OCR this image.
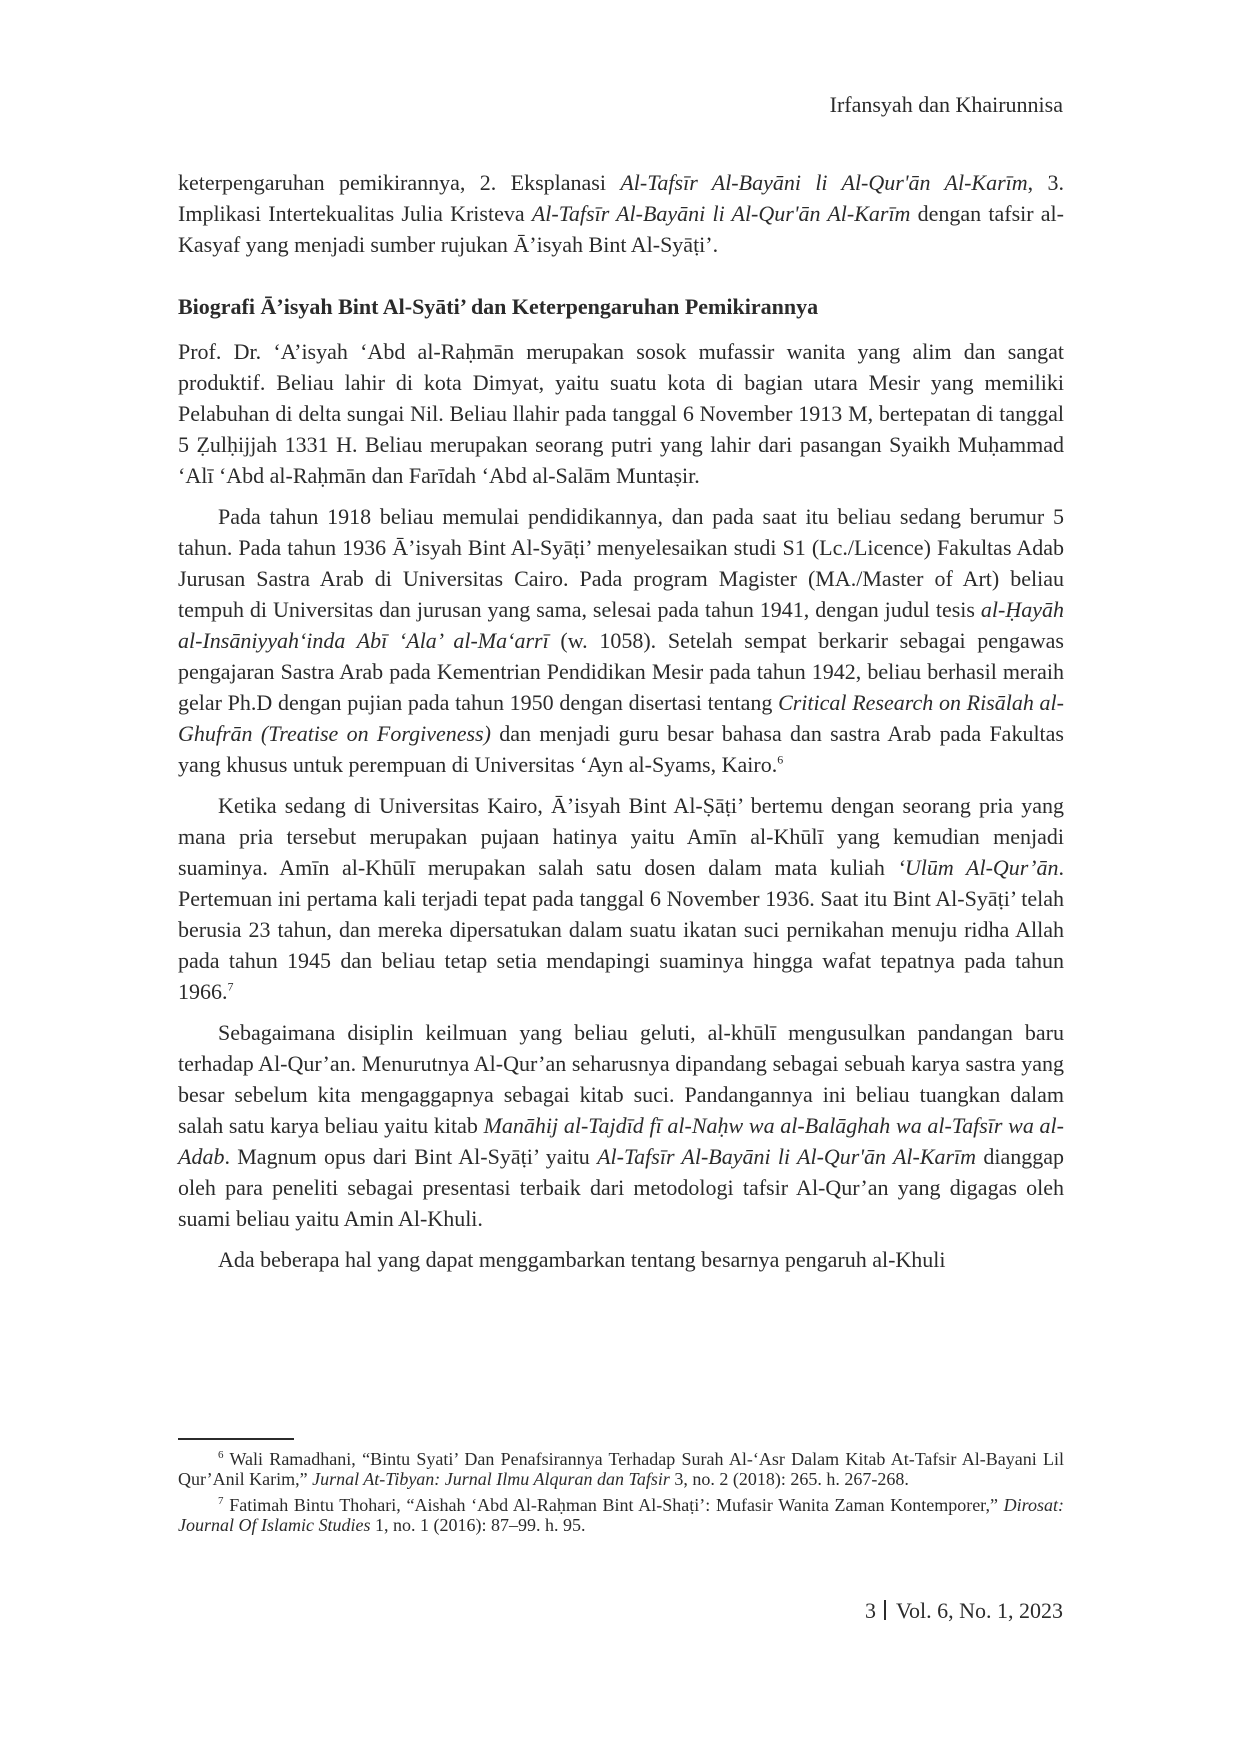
Irfansyah dan Khairunnisa

keterpengaruhan pemikirannya, 2. Eksplanasi Al-Tafsīr Al-Bayāni li Al-Qur'ān Al-Karīm, 3. Implikasi Intertekualitas Julia Kristeva Al-Tafsīr Al-Bayāni li Al-Qur'ān Al-Karīm dengan tafsir al-Kasyaf yang menjadi sumber rujukan Ā’isyah Bint Al-Syāṭi’.

Biografi Ā’isyah Bint Al-Syāti’ dan Keterpengaruhan Pemikirannya

Prof. Dr. ‘A’isyah ‘Abd al-Raḥmān merupakan sosok mufassir wanita yang alim dan sangat produktif. Beliau lahir di kota Dimyat, yaitu suatu kota di bagian utara Mesir yang memiliki Pelabuhan di delta sungai Nil. Beliau llahir pada tanggal 6 November 1913 M, bertepatan di tanggal 5 Ẓulḥijjah 1331 H. Beliau merupakan seorang putri yang lahir dari pasangan Syaikh Muḥammad ‘Alī ‘Abd al-Raḥmān dan Farīdah ‘Abd al-Salām Muntaṣir.

Pada tahun 1918 beliau memulai pendidikannya, dan pada saat itu beliau sedang berumur 5 tahun. Pada tahun 1936 Ā’isyah Bint Al-Syāṭi’ menyelesaikan studi S1 (Lc./Licence) Fakultas Adab Jurusan Sastra Arab di Universitas Cairo. Pada program Magister (MA./Master of Art) beliau tempuh di Universitas dan jurusan yang sama, selesai pada tahun 1941, dengan judul tesis al-Ḥayāh al-Insāniyyah‘inda Abī ‘Ala’ al-Ma‘arrī (w. 1058). Setelah sempat berkarir sebagai pengawas pengajaran Sastra Arab pada Kementrian Pendidikan Mesir pada tahun 1942, beliau berhasil meraih gelar Ph.D dengan pujian pada tahun 1950 dengan disertasi tentang Critical Research on Risālah al-Ghufrān (Treatise on Forgiveness) dan menjadi guru besar bahasa dan sastra Arab pada Fakultas yang khusus untuk perempuan di Universitas ‘Ayn al-Syams, Kairo.$^6$

Ketika sedang di Universitas Kairo, Ā’isyah Bint Al-Ṣāṭi’ bertemu dengan seorang pria yang mana pria tersebut merupakan pujaan hatinya yaitu Amīn al-Khūlī yang kemudian menjadi suaminya. Amīn al-Khūlī merupakan salah satu dosen dalam mata kuliah ‘Ulūm Al-Qur’ān. Pertemuan ini pertama kali terjadi tepat pada tanggal 6 November 1936. Saat itu Bint Al-Syāṭi’ telah berusia 23 tahun, dan mereka dipersatukan dalam suatu ikatan suci pernikahan menuju ridha Allah pada tahun 1945 dan beliau tetap setia mendapingi suaminya hingga wafat tepatnya pada tahun 1966.$^7$

Sebagaimana disiplin keilmuan yang beliau geluti, al-khūlī mengusulkan pandangan baru terhadap Al-Qur’an. Menurutnya Al-Qur’an seharusnya dipandang sebagai sebuah karya sastra yang besar sebelum kita mengaggapnya sebagai kitab suci. Pandangannya ini beliau tuangkan dalam salah satu karya beliau yaitu kitab Manāhij al-Tajdīd fī al-Naḥw wa al-Balāghah wa al-Tafsīr wa al-Adab. Magnum opus dari Bint Al-Syāṭi’ yaitu Al-Tafsīr Al-Bayāni li Al-Qur'ān Al-Karīm dianggap oleh para peneliti sebagai presentasi terbaik dari metodologi tafsir Al-Qur’an yang digagas oleh suami beliau yaitu Amin Al-Khuli.

Ada beberapa hal yang dapat menggambarkan tentang besarnya pengaruh al-Khuli

$^6$ Wali Ramadhani, “Bintu Syati’ Dan Penafsirannya Terhadap Surah Al-‘Asr Dalam Kitab At-Tafsir Al-Bayani Lil Qur’Anil Karim,” Jurnal At-Tibyan: Jurnal Ilmu Alquran dan Tafsir 3, no. 2 (2018): 265. h. 267-268.

$^7$ Fatimah Bintu Thohari, “Aishah ‘Abd Al-Raḥman Bint Al-Shaṭi’: Mufasir Wanita Zaman Kontemporer,” Dirosat: Journal Of Islamic Studies 1, no. 1 (2016): 87–99. h. 95.

3 Vol. 6, No. 1, 2023
